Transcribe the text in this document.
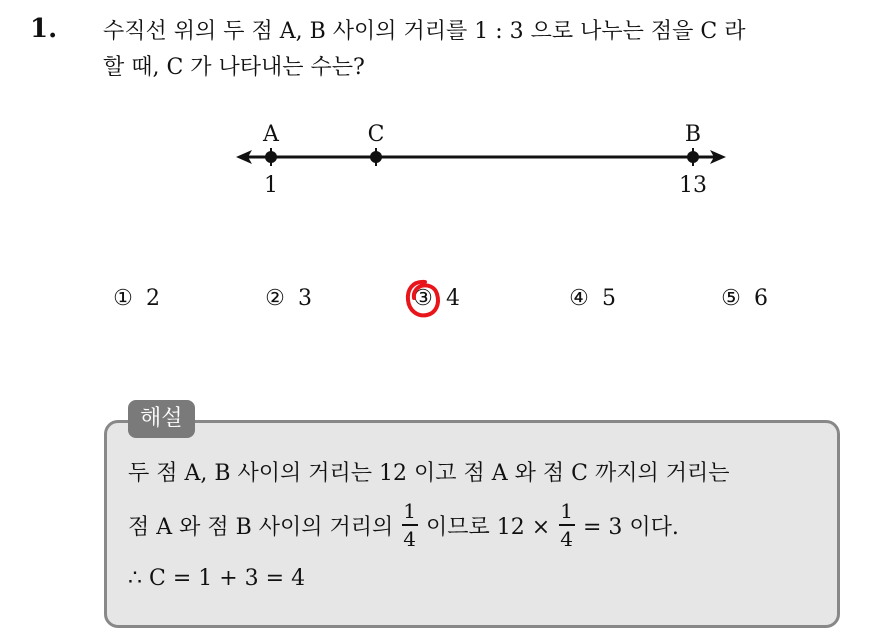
1. 수직선 위의 두 점 A, B 사이의 거리를 1 : 3 으로 나누는 점을 C 라
할 때, C 가 나타내는 수는?
A	C	B
1	13
① 2	② 3	③ 4	④ 5	⑤ 6
해설
두 점 A, B 사이의 거리는 12 이고 점 A 와 점 C 까지의 거리는
점 A 와 점 B 사이의 거리의 $\frac{1}{4}$ 이므로 $12 \times \frac{1}{4} = 3$ 이다.
∴ C = 1 + 3 = 4
